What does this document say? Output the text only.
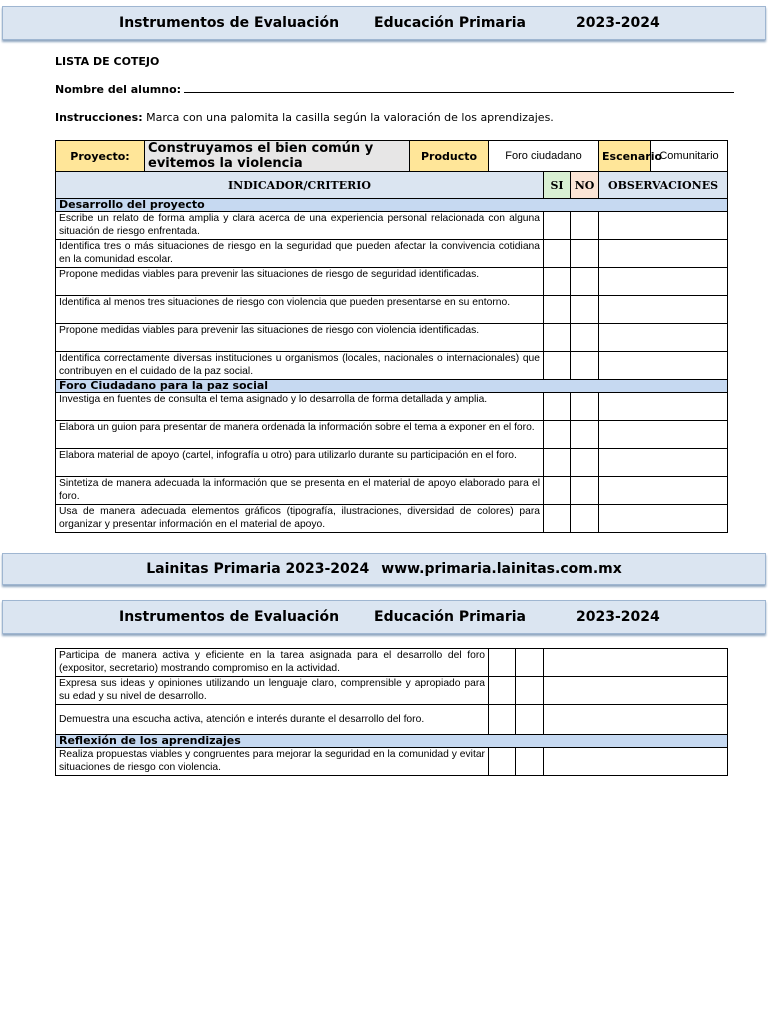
Instrumentos de Evaluación Educación Primaria	2023-2024
LISTA DE COTEJO
Nombre del alumno:
Instrucciones: Marca con una palomita la casilla según la valoración de los aprendizajes.
Proyecto:	Construyamos el bien común y evitemos la violencia	Producto	Foro ciudadano			Escenario	Comunitario
INDICADOR/CRITERIO				SI	NO	OBSERVACIONES	
Desarrollo del proyecto							
Escribe un relato de forma amplia y clara acerca de una experiencia personal relacionada con alguna situación de riesgo enfrentada.							
Identifica tres o más situaciones de riesgo en la seguridad que pueden afectar la convivencia cotidiana en la comunidad escolar.							
Propone medidas viables para prevenir las situaciones de riesgo de seguridad identificadas.							
Identifica al menos tres situaciones de riesgo con violencia que pueden presentarse en su entorno.							
Propone medidas viables para prevenir las situaciones de riesgo con violencia identificadas.							
Identifica correctamente diversas instituciones u organismos (locales, nacionales o internacionales) que contribuyen en el cuidado de la paz social.							
Foro Ciudadano para la paz social							
Investiga en fuentes de consulta el tema asignado y lo desarrolla de forma detallada y amplia.							
Elabora un guion para presentar de manera ordenada la información sobre el tema a exponer en el foro.							
Elabora material de apoyo (cartel, infografía u otro) para utilizarlo durante su participación en el foro.							
Sintetiza de manera adecuada la información que se presenta en el material de apoyo elaborado para el foro.							
Usa de manera adecuada elementos gráficos (tipografía, ilustraciones, diversidad de colores) para organizar y presentar información en el material de apoyo.							
Lainitas Primaria 2023-2024 www.primaria.lainitas.com.mx
Instrumentos de Evaluación Educación Primaria	2023-2024
Participa de manera activa y eficiente en la tarea asignada para el desarrollo del foro (expositor, secretario) mostrando compromiso en la actividad.			
Expresa sus ideas y opiniones utilizando un lenguaje claro, comprensible y apropiado para su edad y su nivel de desarrollo.			
Demuestra una escucha activa, atención e interés durante el desarrollo del foro.			
Reflexión de los aprendizajes			
Realiza propuestas viables y congruentes para mejorar la seguridad en la comunidad y evitar situaciones de riesgo con violencia.			
